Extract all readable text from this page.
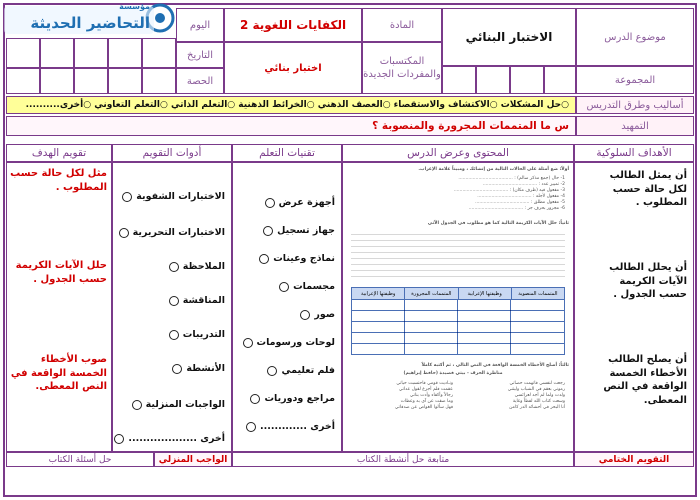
مؤسسة
التحاضير الحديثة
موضوع الدرس
الاختبار البنائي
المادة
الكفايات اللغوية 2
المكتسبات والمفردات الجديدة
اختبار بنائي
اليوم
التاريخ
الحصة	المجموعة
أساليب وطرق التدريس
○حل المشكلات ○الاكتشاف والاستقصاء ○العصف الذهني ○الخرائط الذهنية ○التعلم الذاتي ○التعلم التعاوني ○أخرى..........
التمهيد
س ما المتممات المجرورة والمنصوبة ؟
الأهداف السلوكية
المحتوى وعرض الدرس
تقنيات التعلم
أدوات التقويم
تقويم الهدف
أن يمثل الطالب لكل حالة حسب المطلوب .
أن يحلل الطالب الآيات الكريمة حسب الجدول .
أن يصلح الطالب الأخطاء الخمسة الواقعة في النص المعطى.
أولاً: ضع أمثلة على الحالات التالية من إنشائك ، ومبيناً علامة الإعراب.
1- حال (جمع مذكر سالم) : ......................................
2- تمييز عدد : ......................................
3- مفعول فيه (ظرف مكان) : ......................................
4- مفعول لأجله : ......................................
5- مفعول مطلق : ......................................
6- مجرور بحرف جر : ......................................
ثانياً: حلل الآيات الكريمة التالية كما هو مطلوب في الجدول الآتي
المتممات المنصوبة
وظيفتها الإعرابية
المتممات المجرورة
وظيفتها الإعرابية
ثالثاً: أصلح الأخطاء الخمسة الواقعة في النص التالي ، ثم أكتبه كاملاً
مناظرة الحرف - بيتي قصيدة (حافظ إبراهيم)
رجعت لنفسي فاتهمت حصاتي
ونـاديت قومي فاحتسبت حياتي
رموني بعقم في الشباب وليتني
عقمت فلم أجزع لقول عداتي
ولدت ولما لم أجد لعرائسي
رجالاً وأكفاء وأدت بناتي
وسعت كتاب الله لفظاً وغاية
وما ضقت عن آي به وعظات
أنا البحر في أحشائه الدر كامن
فهل سألوا الغواص عن صدفاتي
أجهزة عرض
جهاز تسجيل
نماذج وعينات
مجسمات
صور
لوحات ورسومات
فلم تعليمي
مراجع ودوريات
أخرى .............
الاختبارات الشفوية
الاختبارات التحريرية
الملاحظة
المناقشة
التدريبات
الأنشطة
الواجبات المنزلية
أخرى ...................
مثل لكل حالة حسب المطلوب .
حلل الآيات الكريمة حسب الجدول .
صوب الأخطاء الخمسة الواقعة في النص المعطى.
التقويم الختامي
متابعة حل أنشطة الكتاب
الواجب المنزلي
حل أسئلة الكتاب
